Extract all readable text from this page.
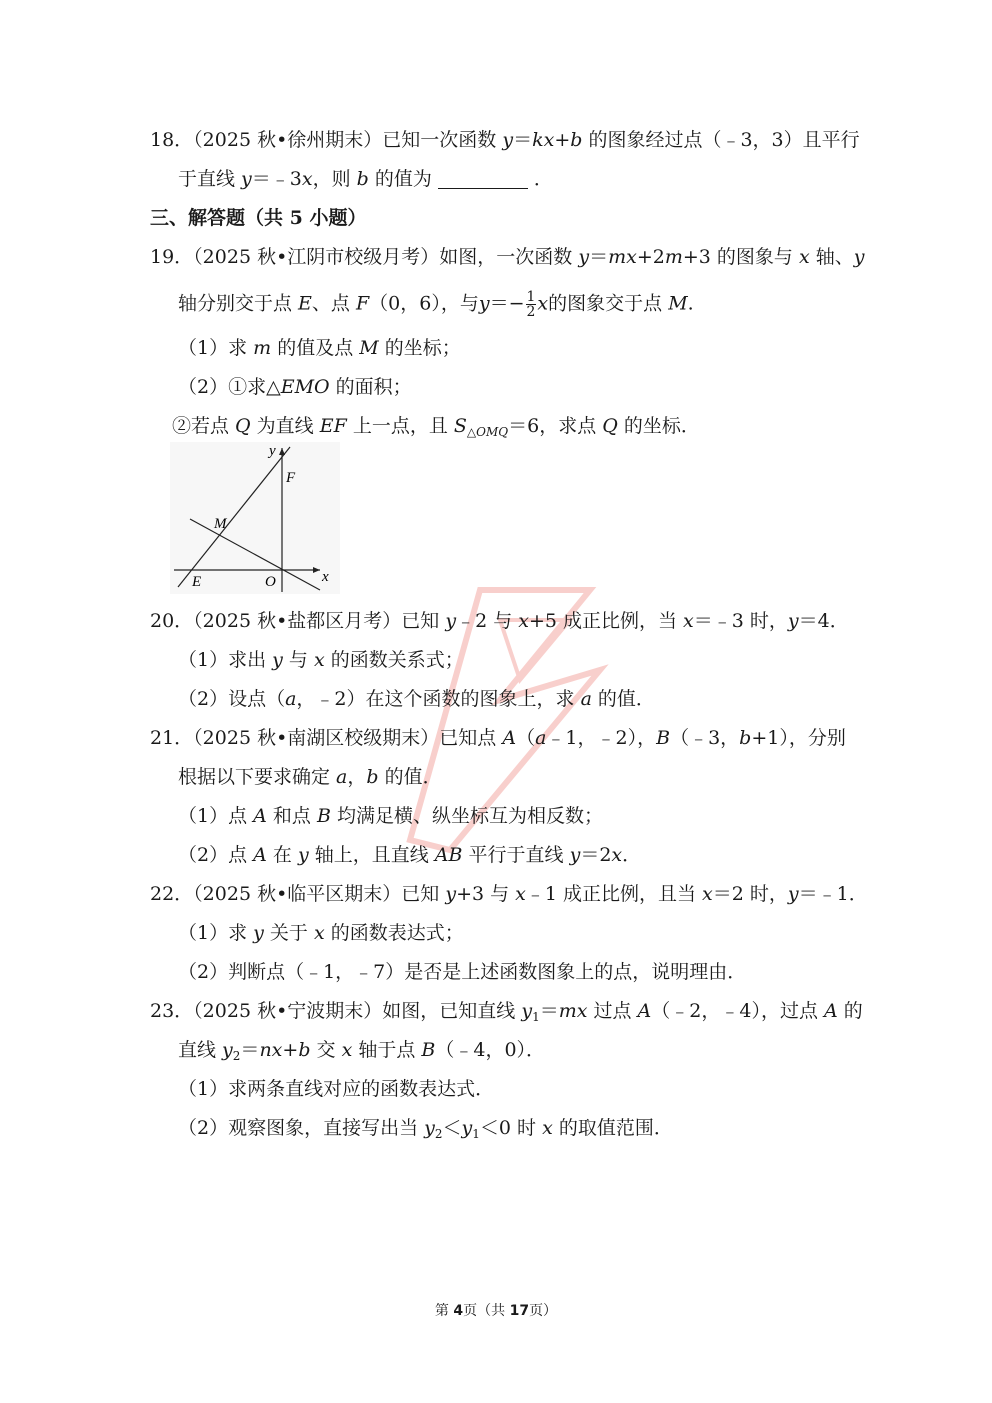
18．（2025 秋•徐州期末）已知一次函数 y＝kx+b 的图象经过点（﹣3，3）且平行
于直线 y＝﹣3x，则 b 的值为	．
三、解答题（共 5 小题）
19．（2025 秋•江阴市校级月考）如图，一次函数 y＝mx+2m+3 的图象与 x 轴、y
轴分别交于点 E、点 F（0，6），与$y=- \frac{1}{2}$ x的图象交于点 M.
（1）求 m 的值及点 M 的坐标；
（2）①求△EMO 的面积；
②若点 Q 为直线 EF 上一点，且 $S_{\triangle OMQ}=6$，求点 Q 的坐标．
y
F
M
E	O	x
20．（2025 秋•盐都区月考）已知 y﹣2 与 x+5 成正比例，当 x＝﹣3 时，y＝4．
（1）求出 y 与 x 的函数关系式；
（2）设点（a，﹣2）在这个函数的图象上，求 a 的值．
21．（2025 秋•南湖区校级期末）已知点 A（a﹣1，﹣2），B（﹣3，b+1），分别
根据以下要求确定 a，b 的值．
（1）点 A 和点 B 均满足横、纵坐标互为相反数；
（2）点 A 在 y 轴上，且直线 AB 平行于直线 y＝2x．
22．（2025 秋•临平区期末）已知 y+3 与 x﹣1 成正比例，且当 x＝2 时，y＝﹣1．
（1）求 y 关于 x 的函数表达式；
（2）判断点（﹣1，﹣7）是否是上述函数图象上的点，说明理由．
23．（2025 秋•宁波期末）如图，已知直线 $y_1=mx$ 过点 A（﹣2，﹣4），过点 A 的
直线 $y_2=nx+b$ 交 x 轴于点 B（﹣4，0）．
（1）求两条直线对应的函数表达式．
（2）观察图象，直接写出当 $y_2<y_1<0$ 时 x 的取值范围．
第 4页（共 17页）
